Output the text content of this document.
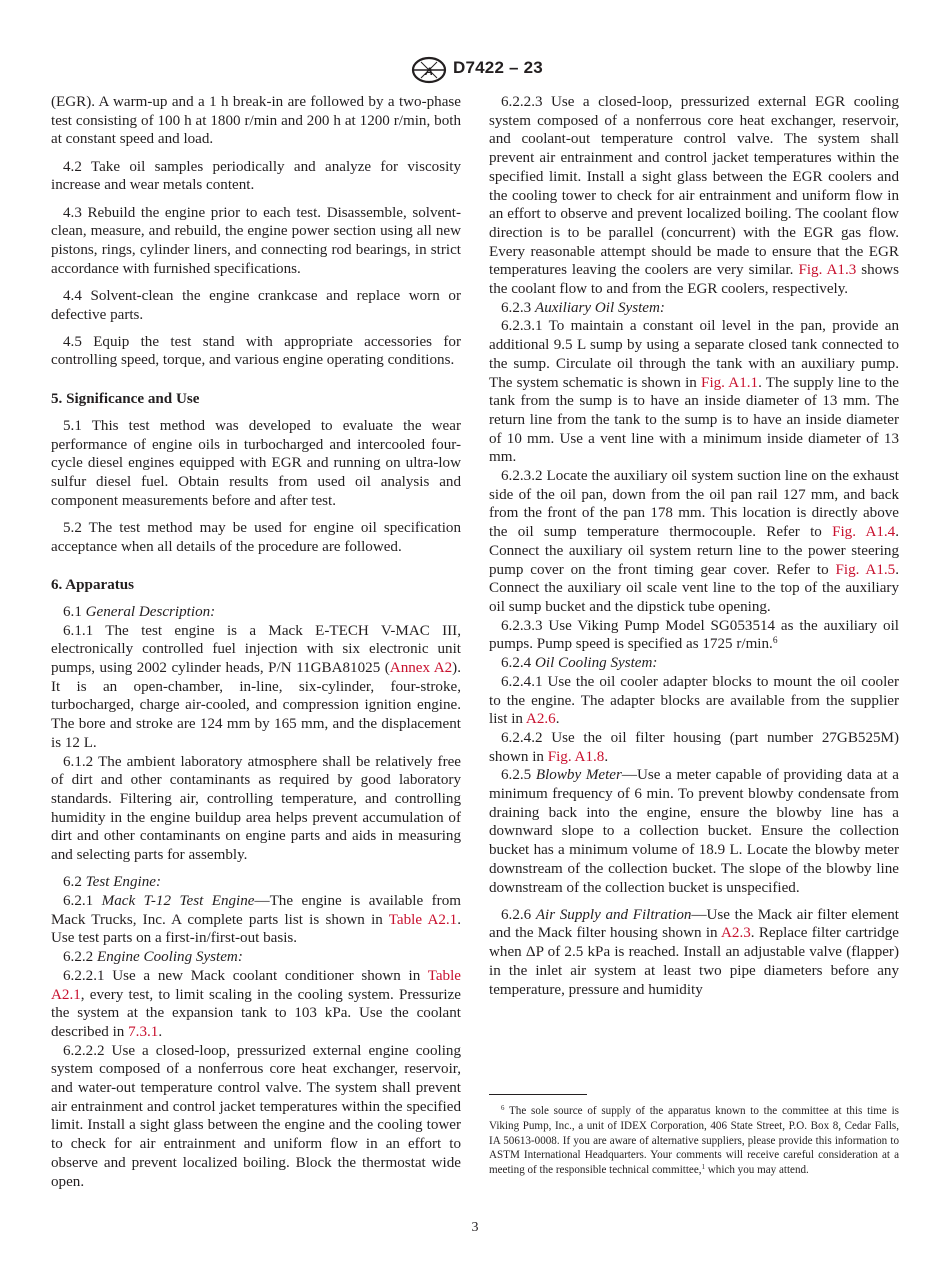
A D7422 – 23

(EGR). A warm-up and a 1 h break-in are followed by a two-phase test consisting of 100 h at 1800 r/min and 200 h at 1200 r/min, both at constant speed and load.

4.2 Take oil samples periodically and analyze for viscosity increase and wear metals content.

4.3 Rebuild the engine prior to each test. Disassemble, solvent-clean, measure, and rebuild, the engine power section using all new pistons, rings, cylinder liners, and connecting rod bearings, in strict accordance with furnished specifications.

4.4 Solvent-clean the engine crankcase and replace worn or defective parts.

4.5 Equip the test stand with appropriate accessories for controlling speed, torque, and various engine operating conditions.

5. Significance and Use

5.1 This test method was developed to evaluate the wear performance of engine oils in turbocharged and intercooled four-cycle diesel engines equipped with EGR and running on ultra-low sulfur diesel fuel. Obtain results from used oil analysis and component measurements before and after test.

5.2 The test method may be used for engine oil specification acceptance when all details of the procedure are followed.

6. Apparatus

6.1 General Description:

6.1.1 The test engine is a Mack E-TECH V-MAC III, electronically controlled fuel injection with six electronic unit pumps, using 2002 cylinder heads, P/N 11GBA81025 (Annex A2). It is an open-chamber, in-line, six-cylinder, four-stroke, turbocharged, charge air-cooled, and compression ignition engine. The bore and stroke are 124 mm by 165 mm, and the displacement is 12 L.

6.1.2 The ambient laboratory atmosphere shall be relatively free of dirt and other contaminants as required by good laboratory standards. Filtering air, controlling temperature, and controlling humidity in the engine buildup area helps prevent accumulation of dirt and other contaminants on engine parts and aids in measuring and selecting parts for assembly.

6.2 Test Engine:

6.2.1 Mack T-12 Test Engine—The engine is available from Mack Trucks, Inc. A complete parts list is shown in Table A2.1. Use test parts on a first-in/first-out basis.

6.2.2 Engine Cooling System:

6.2.2.1 Use a new Mack coolant conditioner shown in Table A2.1, every test, to limit scaling in the cooling system. Pressurize the system at the expansion tank to 103 kPa. Use the coolant described in 7.3.1.

6.2.2.2 Use a closed-loop, pressurized external engine cooling system composed of a nonferrous core heat exchanger, reservoir, and water-out temperature control valve. The system shall prevent air entrainment and control jacket temperatures within the specified limit. Install a sight glass between the engine and the cooling tower to check for air entrainment and uniform flow in an effort to observe and prevent localized boiling. Block the thermostat wide open.

6.2.2.3 Use a closed-loop, pressurized external EGR cooling system composed of a nonferrous core heat exchanger, reservoir, and coolant-out temperature control valve. The system shall prevent air entrainment and control jacket temperatures within the specified limit. Install a sight glass between the EGR coolers and the cooling tower to check for air entrainment and uniform flow in an effort to observe and prevent localized boiling. The coolant flow direction is to be parallel (concurrent) with the EGR gas flow. Every reasonable attempt should be made to ensure that the EGR temperatures leaving the coolers are very similar. Fig. A1.3 shows the coolant flow to and from the EGR coolers, respectively.

6.2.3 Auxiliary Oil System:

6.2.3.1 To maintain a constant oil level in the pan, provide an additional 9.5 L sump by using a separate closed tank connected to the sump. Circulate oil through the tank with an auxiliary pump. The system schematic is shown in Fig. A1.1. The supply line to the tank from the sump is to have an inside diameter of 13 mm. The return line from the tank to the sump is to have an inside diameter of 10 mm. Use a vent line with a minimum inside diameter of 13 mm.

6.2.3.2 Locate the auxiliary oil system suction line on the exhaust side of the oil pan, down from the oil pan rail 127 mm, and back from the front of the pan 178 mm. This location is directly above the oil sump temperature thermocouple. Refer to Fig. A1.4. Connect the auxiliary oil system return line to the power steering pump cover on the front timing gear cover. Refer to Fig. A1.5. Connect the auxiliary oil scale vent line to the top of the auxiliary oil sump bucket and the dipstick tube opening.

6.2.3.3 Use Viking Pump Model SG053514 as the auxiliary oil pumps. Pump speed is specified as 1725 r/min.$^6$

6.2.4 Oil Cooling System:

6.2.4.1 Use the oil cooler adapter blocks to mount the oil cooler to the engine. The adapter blocks are available from the supplier list in A2.6.

6.2.4.2 Use the oil filter housing (part number 27GB525M) shown in Fig. A1.8.

6.2.5 Blowby Meter—Use a meter capable of providing data at a minimum frequency of 6 min. To prevent blowby condensate from draining back into the engine, ensure the blowby line has a downward slope to a collection bucket. Ensure the collection bucket has a minimum volume of 18.9 L. Locate the blowby meter downstream of the collection bucket. The slope of the blowby line downstream of the collection bucket is unspecified.

6.2.6 Air Supply and Filtration—Use the Mack air filter element and the Mack filter housing shown in A2.3. Replace filter cartridge when ΔP of 2.5 kPa is reached. Install an adjustable valve (flapper) in the inlet air system at least two pipe diameters before any temperature, pressure and humidity

$^6$ The sole source of supply of the apparatus known to the committee at this time is Viking Pump, Inc., a unit of IDEX Corporation, 406 State Street, P.O. Box 8, Cedar Falls, IA 50613-0008. If you are aware of alternative suppliers, please provide this information to ASTM International Headquarters. Your comments will receive careful consideration at a meeting of the responsible technical committee,$^1$ which you may attend.
3
